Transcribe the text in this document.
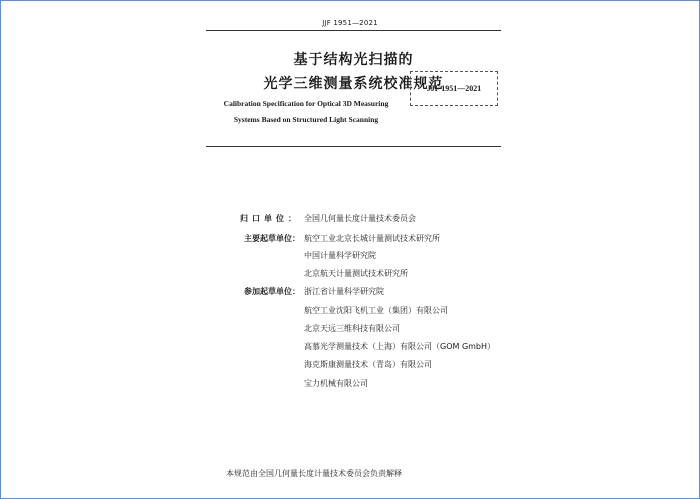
JJF 1951—2021
基于结构光扫描的
光学三维测量系统校准规范
Calibration Specification for Optical 3D Measuring
Systems Based on Structured Light Scanning
JJF 1951—2021
归口单位： 全国几何量长度计量技术委员会
主要起草单位： 航空工业北京长城计量测试技术研究所
中国计量科学研究院
北京航天计量测试技术研究所
参加起草单位： 浙江省计量科学研究院
航空工业沈阳飞机工业（集团）有限公司
北京天远三维科技有限公司
高慕光学测量技术（上海）有限公司（GOM GmbH）
海克斯康测量技术（青岛）有限公司
宝力机械有限公司
本规范由全国几何量长度计量技术委员会负责解释
